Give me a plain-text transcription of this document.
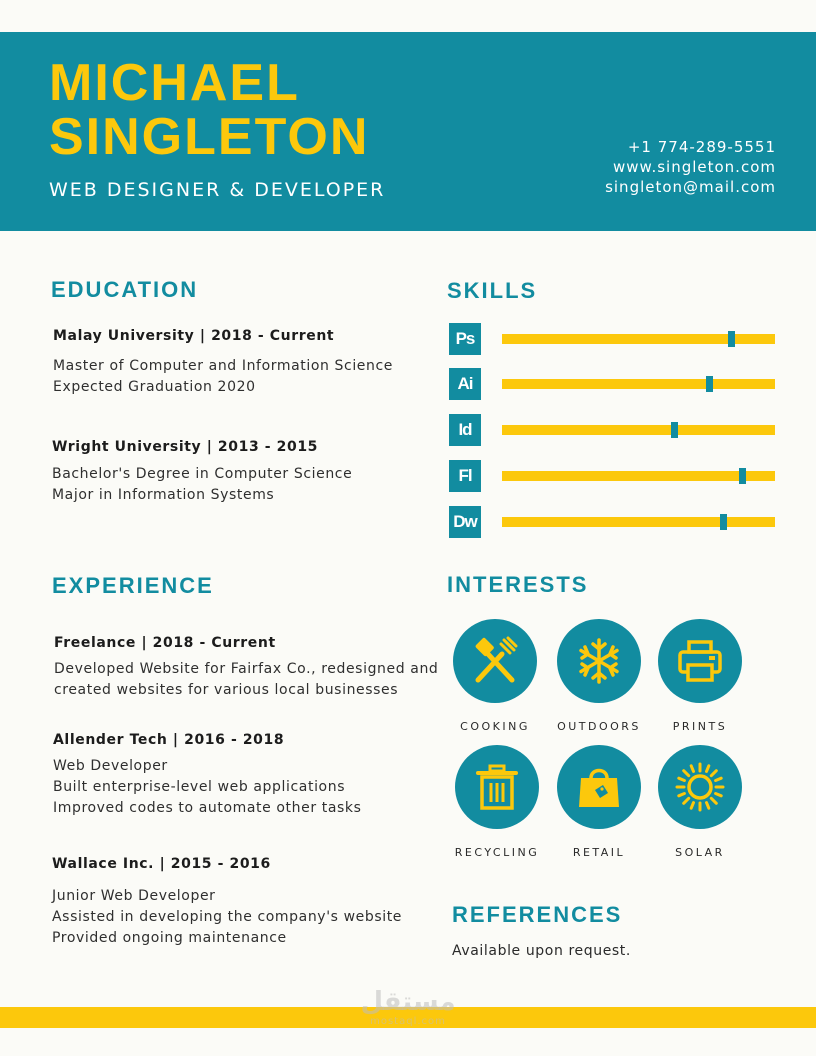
MICHAEL
SINGLETON
WEB DESIGNER & DEVELOPER
+1 774-289-5551
www.singleton.com
singleton@mail.com
EDUCATION
Malay University | 2018 - Current
Master of Computer and Information Science
Expected Graduation 2020
Wright University | 2013 - 2015
Bachelor's Degree in Computer Science
Major in Information Systems
EXPERIENCE
Freelance | 2018 - Current
Developed Website for Fairfax Co., redesigned and
created websites for various local businesses
Allender Tech | 2016 - 2018
Web Developer
Built enterprise-level web applications
Improved codes to automate other tasks
Wallace Inc. | 2015 - 2016
Junior Web Developer
Assisted in developing the company's website
Provided ongoing maintenance
SKILLS
Ps
Ai
Id
Fl
Dw
INTERESTS
COOKING	OUTDOORS	PRINTS
RECYCLING	RETAIL	SOLAR
REFERENCES
Available upon request.
مستقل
mostaql.com
